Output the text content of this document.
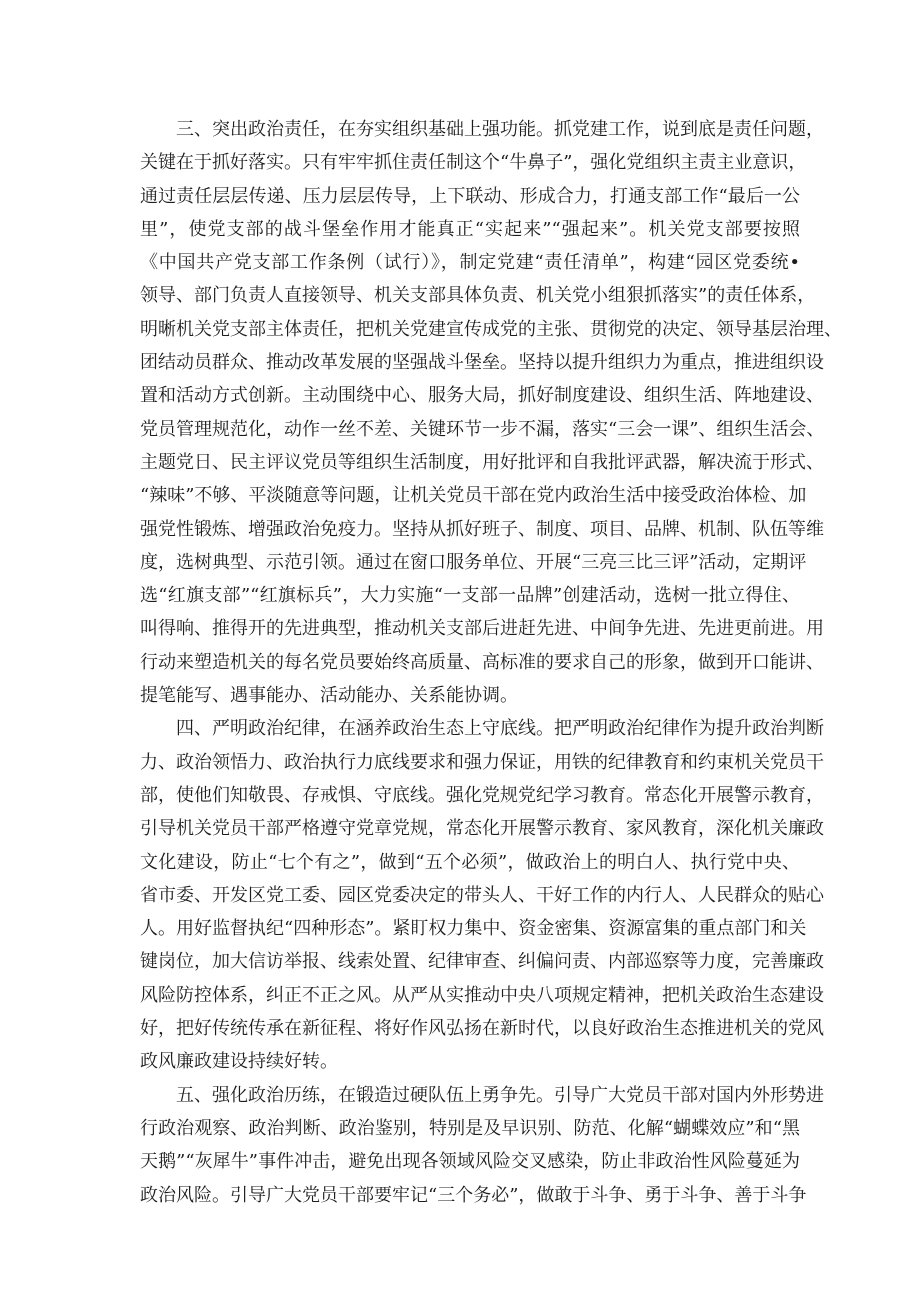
三、突出政治责任，在夯实组织基础上强功能。抓党建工作，说到底是责任问题，
关键在于抓好落实。只有牢牢抓住责任制这个“牛鼻子”，强化党组织主责主业意识，
通过责任层层传递、压力层层传导，上下联动、形成合力，打通支部工作“最后一公
里”，使党支部的战斗堡垒作用才能真正“实起来”“强起来”。机关党支部要按照
《中国共产党支部工作条例（试行）》，制定党建“责任清单”，构建“园区党委统•
领导、部门负责人直接领导、机关支部具体负责、机关党小组狠抓落实”的责任体系，
明晰机关党支部主体责任，把机关党建宣传成党的主张、贯彻党的决定、领导基层治理、
团结动员群众、推动改革发展的坚强战斗堡垒。坚持以提升组织力为重点，推进组织设
置和活动方式创新。主动围绕中心、服务大局，抓好制度建设、组织生活、阵地建设、
党员管理规范化，动作一丝不差、关键环节一步不漏，落实“三会一课”、组织生活会、
主题党日、民主评议党员等组织生活制度，用好批评和自我批评武器，解决流于形式、
“辣味”不够、平淡随意等问题，让机关党员干部在党内政治生活中接受政治体检、加
强党性锻炼、增强政治免疫力。坚持从抓好班子、制度、项目、品牌、机制、队伍等维
度，选树典型、示范引领。通过在窗口服务单位、开展“三亮三比三评”活动，定期评
选“红旗支部”“红旗标兵”，大力实施“一支部一品牌”创建活动，选树一批立得住、
叫得响、推得开的先进典型，推动机关支部后进赶先进、中间争先进、先进更前进。用
行动来塑造机关的每名党员要始终高质量、高标准的要求自己的形象，做到开口能讲、
提笔能写、遇事能办、活动能办、关系能协调。
四、严明政治纪律，在涵养政治生态上守底线。把严明政治纪律作为提升政治判断
力、政治领悟力、政治执行力底线要求和强力保证，用铁的纪律教育和约束机关党员干
部，使他们知敬畏、存戒惧、守底线。强化党规党纪学习教育。常态化开展警示教育，
引导机关党员干部严格遵守党章党规，常态化开展警示教育、家风教育，深化机关廉政
文化建设，防止“七个有之”，做到“五个必须”，做政治上的明白人、执行党中央、
省市委、开发区党工委、园区党委决定的带头人、干好工作的内行人、人民群众的贴心
人。用好监督执纪“四种形态”。紧盯权力集中、资金密集、资源富集的重点部门和关
键岗位，加大信访举报、线索处置、纪律审查、纠偏问责、内部巡察等力度，完善廉政
风险防控体系，纠正不正之风。从严从实推动中央八项规定精神，把机关政治生态建设
好，把好传统传承在新征程、将好作风弘扬在新时代，以良好政治生态推进机关的党风
政风廉政建设持续好转。
五、强化政治历练，在锻造过硬队伍上勇争先。引导广大党员干部对国内外形势进
行政治观察、政治判断、政治鉴别，特别是及早识别、防范、化解“蝴蝶效应”和“黑
天鹅”“灰犀牛”事件冲击，避免出现各领域风险交叉感染，防止非政治性风险蔓延为
政治风险。引导广大党员干部要牢记“三个务必”，做敢于斗争、勇于斗争、善于斗争
